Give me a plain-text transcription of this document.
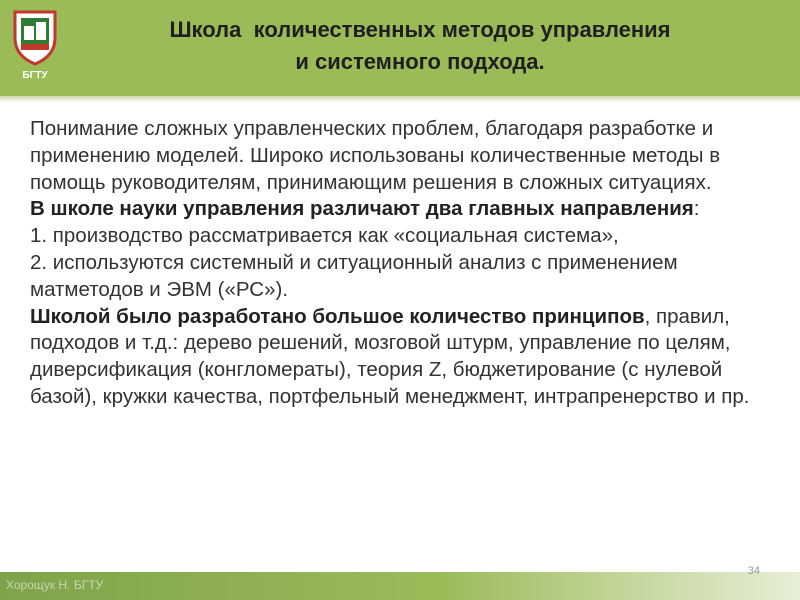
БГТУ
Школа  количественных методов управления
и системного подхода.

Понимание сложных управленческих проблем, благодаря разработке и применению моделей. Широко использованы количественные методы в помощь руководителям, принимающим решения в сложных ситуациях.

В школе науки управления различают два главных направления:

1. производство рассматривается как «социальная система»,

2. используются системный и ситуационный анализ с применением матметодов и ЭВМ («РС»).

Школой было разработано большое количество принципов, правил, подходов и т.д.: дерево решений, мозговой штурм, управление по целям, диверсификация (конгломераты), теория Z, бюджетирование (с нулевой базой), кружки качества, портфельный менеджмент, интрапренерство и пр.

Хорощук Н. БГТУ
34
